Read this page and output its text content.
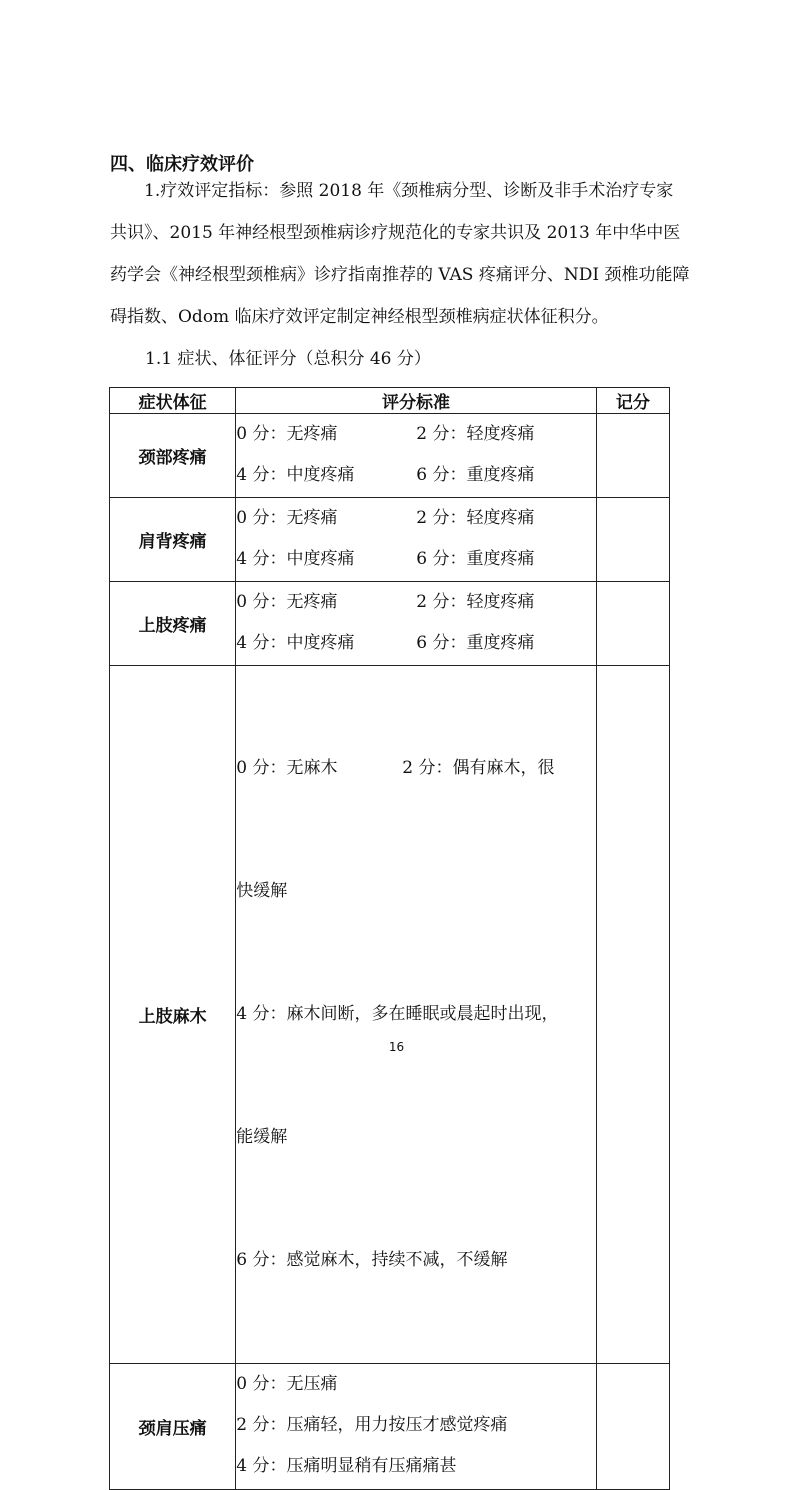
四、临床疗效评价

1.疗效评定指标：参照 2018 年《颈椎病分型、诊断及非手术治疗专家
共识》、2015 年神经根型颈椎病诊疗规范化的专家共识及 2013 年中华中医
药学会《神经根型颈椎病》诊疗指南推荐的 VAS 疼痛评分、NDI 颈椎功能障
碍指数、Odom 临床疗效评定制定神经根型颈椎病症状体征积分。

1.1 症状、体征评分（总积分 46 分）
症状体征	评分标准	记分
颈部疼痛	0 分：无疼痛 2 分：轻度疼痛
4 分：中度疼痛 6 分：重度疼痛	

肩背疼痛	0 分：无疼痛 2 分：轻度疼痛
4 分：中度疼痛 6 分：重度疼痛	

上肢疼痛	0 分：无疼痛 2 分：轻度疼痛
4 分：中度疼痛 6 分：重度疼痛	

上肢麻木	0 分：无麻木            2 分：偶有麻木，很

快缓解

4 分：麻木间断，多在睡眠或晨起时出现，

能缓解

6 分：感觉麻木，持续不减，不缓解	

颈肩压痛	0 分：无压痛
2 分：压痛轻，用力按压才感觉疼痛
4 分：压痛明显稍有压痛痛甚	

16
